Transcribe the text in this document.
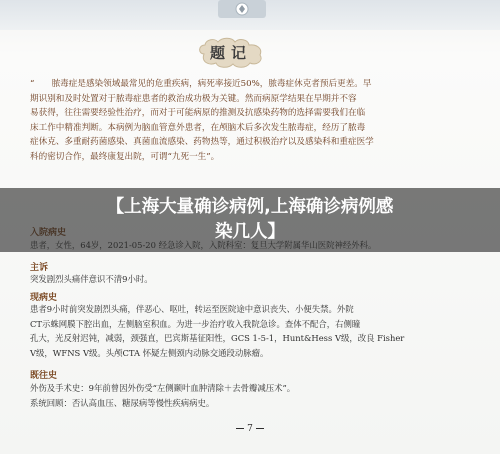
题记

“　　脓毒症是感染领域最常见的危重疾病，病死率接近50%，脓毒症休克者预后更差。早

期识别和及时处置对于脓毒症患者的救治成功极为关键。然而病原学结果在早期并不容

易获得，往往需要经验性治疗，而对于可能病原的推测及抗感染药物的选择需要我们在临

床工作中精准判断。本病例为脑血管意外患者，在颅脑术后多次发生脓毒症，经历了脓毒

症休克、多重耐药菌感染、真菌血流感染、药物热等，通过积极治疗以及感染科和重症医学

科的密切合作，最终康复出院，可谓“九死一生”。

【上海大量确诊病例,上海确诊病例感
染几人】
主诉
突发剧烈头痛伴意识不清9小时。
现病史

患者9小时前突发剧烈头痛，伴恶心、呕吐，转运至医院途中意识丧失、小便失禁。外院

CT示蛛网膜下腔出血，左侧脑室积血。为进一步治疗收入我院急诊。查体不配合，右侧瞳

孔大，光反射迟钝，减弱，颈强直，巴宾斯基征阳性，GCS 1-5-1，Hunt&Hess Ⅴ级，改良 Fisher

Ⅴ级，WFNS Ⅴ级。头颅CTA 怀疑左侧颈内动脉交通段动脉瘤。

既往史

外伤及手术史：9年前曾因外伤受“左侧颞叶血肿清除＋去骨瓣减压术”。

系统回顾：否认高血压、糖尿病等慢性疾病病史。

7
